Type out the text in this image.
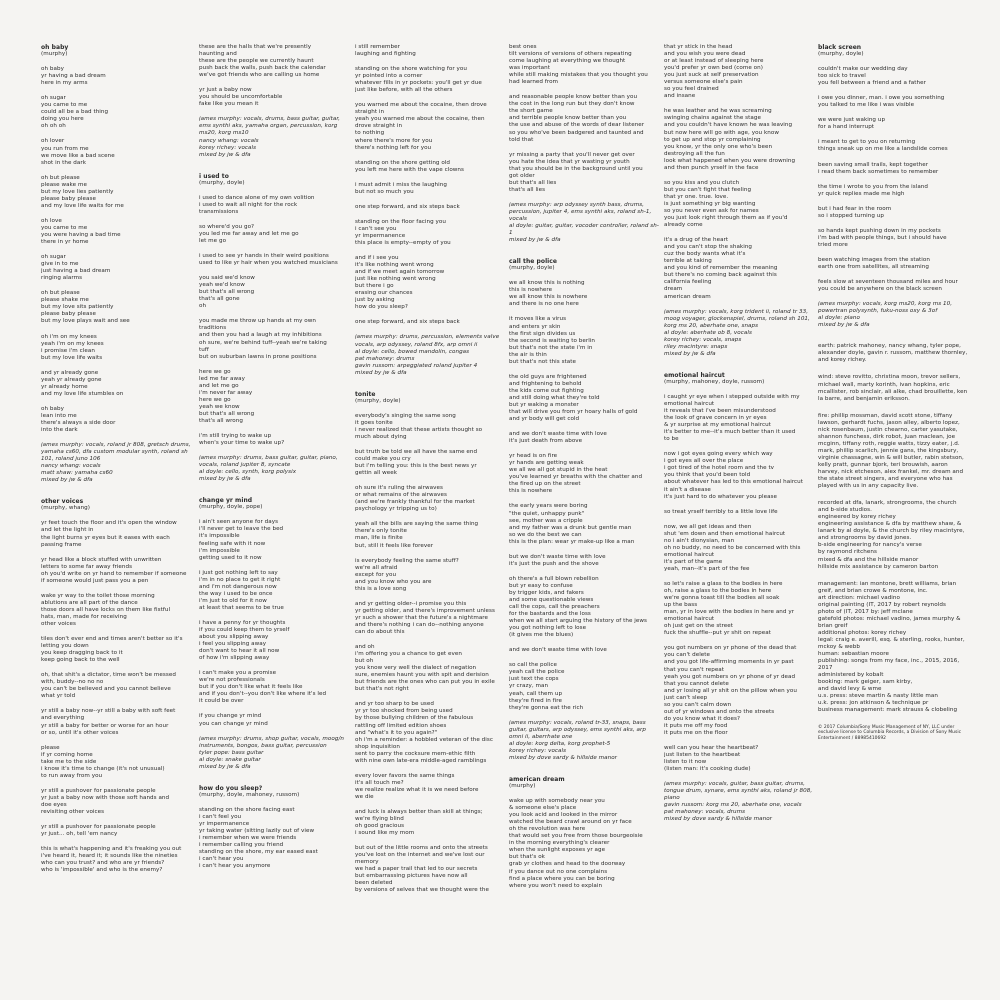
oh baby
(murphy)
oh baby
yr having a bad dream
here in my arms
oh sugar
you came to me
could all be a bad thing
doing you here
oh oh oh
oh lover
you run from me
we move like a bad scene
shot in the dark
oh but please
please wake me
but my love lies patiently
please baby please
and my love life waits for me
oh love
you came to me
you were having a bad time
there in yr home
oh sugar
give in to me
just having a bad dream
ringing alarms
oh but please
please shake me
but my love sits patiently
please baby please
but my love plays wait and see
oh i'm on my knees
yeah i'm on my knees
i promise i'm clean
but my love life waits
and yr already gone
yeah yr already gone
yr already home
and my love life stumbles on
oh baby
lean into me
there's always a side door
into the dark
james murphy: vocals, roland jr 808, gretsch drums, yamaha cs60, dfa custom modular synth, roland sh 101, roland juno 106
nancy whang: vocals
matt shaw: yamaha cs60
mixed by jw & dfa
other voices
(murphy, whang)
yr feet touch the floor and it's open the window
and let the light in
the light burns yr eyes but it eases with each
passing frame
yr head like a block stuffed with unwritten
letters to some far away friends
oh you'd write on yr hand to remember if someone
if someone would just pass you a pen
wake yr way to the toilet those morning
ablutions are all part of the dance
those doors all have locks on them like fistful
hats, man, made for receiving
other voices
tiles don't ever end and times aren't better so it's
letting you down
you keep dragging back to it
keep going back to the well
oh, that shit's a dictator, time won't be messed
with, buddy--no no no
you can't be believed and you cannot believe
what yr told
yr still a baby now--yr still a baby with soft feet
and everything
yr still a baby for better or worse for an hour
or so, until it's other voices
please
if yr coming home
take me to the side
i know it's time to change (it's not unusual)
to run away from you
yr still a pushover for passionate people
yr just a baby now with those soft hands and
doe eyes
revisiting other voices
yr still a pushover for passionate people
yr just... oh, tell 'em nancy
this is what's happening and it's freaking you out
i've heard it, heard it; it sounds like the nineties
who can you trust? and who are yr friends?
who is 'impossible' and who is the enemy?
these are the halls that we're presently
haunting and
these are the people we currently haunt
push back the walls, push back the calendar
we've got friends who are calling us home
yr just a baby now
you should be uncomfortable
fake like you mean it
james murphy: vocals, drums, bass guitar, guitar, ems synthi aks, yamaha organ, percussion, korg ms20, korg ms10
nancy whang: vocals
korey richey: vocals
mixed by jw & dfa
i used to
(murphy, doyle)
i used to dance alone of my own volition
i used to wait all night for the rock
transmissions
so where'd you go?
you led me far away and let me go
let me go
i used to see yr hands in their weird positions
used to like yr hair when you watched musicians
you said we'd know
yeah we'd know
but that's all wrong
that's all gone
oh
you made me throw up hands at my own
traditions
and then you had a laugh at my inhibitions
oh sure, we're behind tuff--yeah we're taking
tuff
but on suburban lawns in prone positions
here we go
led me far away
and let me go
i'm never far away
here we go
yeah we know
but that's all wrong
that's all wrong
i'm still trying to wake up
when's your time to wake up?
james murphy: drums, bass guitar, guitar, piano, vocals, roland jupiter 8, syncate
al doyle: cello, synth, korg polysix
mixed by jw & dfa
change yr mind
(murphy, doyle, pope)
i ain't seen anyone for days
i'll never get to leave the bed
it's impossible
feeling safe with it now
i'm impossible
getting used to it now
i just got nothing left to say
i'm in no place to get it right
and i'm not dangerous now
the way i used to be once
i'm just to old for it now
at least that seems to be true
i have a penny for yr thoughts
if you could keep them to yrself
about you slipping away
i feel you slipping away
don't want to hear it all now
of how i'm slipping away
i can't make you a promise
we're not professionals
but if you don't like what it feels like
and if you don't--you don't like where it's led
it could be over
if you change yr mind
you can change yr mind
james murphy: drums, shop guitar, vocals, moog/n instruments, bongos, bass guitar, percussion
tyler pope: bass guitar
al doyle: snake guitar
mixed by jw & dfa
how do you sleep?
(murphy, doyle, mahoney, russom)
standing on the shore facing east
i can't feel you
yr impermanence
yr taking water (sitting lazily out of view
i remember when we were friends
i remember calling you friend
standing on the shore, my ear eased east
i can't hear you
i can't hear you anymore
i still remember
laughing and fighting
standing on the shore watching for you
yr pointed into a corner
whatever fills in yr pockets: you'll get yr due
just like before, with all the others
you warned me about the cocaine, then drove
straight in
yeah you warned me about the cocaine, then
drove straight in
to nothing
where there's more for you
there's nothing left for you
standing on the shore getting old
you left me here with the vape clowns
i must admit i miss the laughing
but not so much you
one step forward, and six steps back
standing on the floor facing you
i can't see you
yr impermanence
this place is empty--empty of you
and if i see you
it's like nothing went wrong
and if we meet again tomorrow
just like nothing went wrong
but there i go
erasing our chances
just by asking
how do you sleep?
one step forward, and six steps back
james murphy: drums, percussion, elements valve vocals, arp odyssey, roland 8fx, arp omni ii
al doyle: cello, bowed mandolin, congas
pat mahoney: drums
gavin russom: arpeggiated roland jupiter 4
mixed by jw & dfa
tonite
(murphy, doyle)
everybody's singing the same song
it goes tonite
i never realized that these artists thought so
much about dying
but truth be told we all have the same end
could make you cry
but i'm telling you: this is the best news yr
gettin all week
oh sure it's ruling the airwaves
or what remains of the airwaves
(and we're frankly thankful for the market
psychology yr tripping us to)
yeah all the bills are saying the same thing
there's only tonite
man, life is finite
but, still it feels like forever
is everybody feeling the same stuff?
we're all afraid
except for you
and you know who you are
this is a love song
and yr getting older--i promise you this
yr getting older, and there's improvement unless
yr such a shower that the future's a nightmare
and there's nothing i can do--nothing anyone
can do about this
and oh
i'm offering you a chance to get even
but oh
you know very well the dialect of negation
sure, enemies haunt you with spit and derision
but friends are the ones who can put you in exile
but that's not right
and yr too sharp to be used
yr yr too shocked from being used
by those bullying children of the fabulous
rattling off limited edition shoes
and "what's it to you again?"
oh i'm a reminder: a hobbled veteran of the disc
shop inquisition
sent to parry the cocksure mem-ethic filth
with nine own late-era middle-aged ramblings
every lover favors the same things
it's all touch me?
we realize realize what it is we need before
we die
and luck is always better than skill at things;
we're flying blind
oh good gracious
i sound like my mom
but out of the little rooms and onto the streets
you've lost on the internet and we've lost our memory
we had a paper trail that led to our secrets
but embarrassing pictures have now all
been deleted
by versions of selves that we thought were the
best ones
tilt versions of versions of others repeating
come laughing at everything we thought
was important
while still making mistakes that you thought you
had learned from
and reasonable people know better than you
the cost in the long run but they don't know
the short game
and terrible people know better than you
the use and abuse of the words of dear listener
so you who've been badgered and taunted and
told that
yr missing a party that you'll never get over
you hate the idea that yr wasting yr youth
that you should be in the background until you
got older
but that's all lies
that's all lies
james murphy: arp odyssey synth bass, drums, percussion, jupiter 4, ems synthi aks, roland sh-1, vocals
al doyle: guitar, guitar, vocoder controller, roland sh-1
mixed by jw & dfa
call the police
(murphy, doyle)
we all know this is nothing
this is nowhere
we all know this is nowhere
and there is no one here
it moves like a virus
and enters yr skin
the first sign divides us
the second is waiting to berlin
but that's not the state i'm in
the air is thin
but that's not this state
the old guys are frightened
and frightening to behold
the kids come out fighting
and still doing what they're told
but yr waking a monster
that will drive you from yr hoary halls of gold
and yr body will get cold
and we don't waste time with love
it's just death from above
yr head is on fire
yr hands are getting weak
we all we all got stupid in the heat
you've learned yr breaths with the chatter and
the fired up on the street
this is nowhere
the early years were boring
"the quiet, unhappy punk"
see, mother was a cripple
and my father was a drunk but gentle man
so we do the best we can
this is the plan: wear yr make-up like a man
but we don't waste time with love
it's just the push and the shove
oh there's a full blown rebellion
but yr easy to confuse
by trigger kids, and fakers
and some questionable views
call the cops, call the preachers
for the bastards and the loss
when we all start arguing the history of the jews
you got nothing left to lose
(it gives me the blues)
and we don't waste time with love
so call the police
yeah call the police
just text the cops
yr crazy, man
yeah, call them up
they're fired in fire
they're gonna eat the rich
james murphy: vocals, roland tr-33, snaps, bass guitar, guitars, arp odyssey, ems synthi aks, arp omni ii, aberrhate one
al doyle: korg delta, korg prophet-5
korey richey: vocals
mixed by dove sardy & hillside manor
american dream
(murphy)
wake up with somebody near you
& someone else's place
you look acid and looked in the mirror
watched the beard crawl around on yr face
oh the revolution was here
that would set you free from those bourgeoisie
in the morning everything's clearer
when the sunlight exposes yr age
but that's ok
grab yr clothes and head to the doorway
if you dance out no one complains
find a place where you can be boring
where you won't need to explain
that yr stick in the head
and you wish you were dead
or at least instead of sleeping here
you'd prefer yr own bed (come on)
you just suck at self preservation
versus someone else's pain
so you feel drained
and insane
he was leather and he was screaming
swinging chains against the stage
and you couldn't have known he was leaving
but now here will go with age, you know
to get up and stop yr complaining
you know, yr the only one who's been
destroying all the fun
look what happened when you were drowning
and then punch yrself in the face
so you kiss and you clutch
but you can't fight that feeling
that yr one. true. love.
is just something yr big wanting
so you never even ask for names
you just look right through them as if you'd
already come
it's a drug of the heart
and you can't stop the shaking
cuz the body wants what it's
terrible at taking
and you kind of remember the meaning
but there's no coming back against this
california feeling
dream
american dream
james murphy: vocals, korg trident ii, roland tr 33, moog voyager, glockenspiel, drums, roland sh 101, korg ms 20, aberhate one, snaps
al doyle: aberhate ob 8, vocals
korey richey: vocals, snaps
riley macintyre: snaps
mixed by jw & dfa
emotional haircut
(murphy, mahoney, doyle, russom)
i caught yr eye when i stepped outside with my
emotional haircut
it reveals that i've been misunderstood
the look of grave concern in yr eyes
& yr surprise at my emotional haircut
it's better to me--it's much better than it used
to be
now i got eyes going every which way
i got eyes all over the place
i got tired of the hotel room and the tv
you think that you'd been told
about whatever has led to this emotional haircut
it ain't a disease
it's just hard to do whatever you please
so treat yrself terribly to a little love life
now, we all get ideas and then
shut 'em down and then emotional haircut
no i ain't dionysian, man
oh no buddy, no need to be concerned with this
emotional haircut
it's part of the game
yeah, man--it's part of the fee
so let's raise a glass to the bodies in here
oh, raise a glass to the bodies in here
we're gonna toast till the bodies all soak
up the bass
man, yr in love with the bodies in here and yr
emotional haircut
oh just get on the street
fuck the shuffle--put yr shit on repeat
you got numbers on yr phone of the dead that
you can't delete
and you got life-affirming moments in yr past
that you can't repeat
yeah you got numbers on yr phone of yr dead
that you cannot delete
and yr losing all yr shit on the pillow when you
just can't sleep
so you can't calm down
out of yr windows and onto the streets
do you know what it does?
it puts me off my food
it puts me on the floor
well can you hear the heartbeat?
just listen to the heartbeat
listen to it now
(listen man: it's cooking dude)
james murphy: vocals, guitar, bass guitar, drums, tongue drum, synare, ems synthi aks, roland jr 808, piano
gavin russom: korg ms 20, aberhate one, vocals
pat mahoney: vocals, drums
mixed by dove sardy & hillside manor
black screen
(murphy, doyle)
couldn't make our wedding day
too sick to travel
you fell between a friend and a father
i owe you dinner, man. i owe you something
you talked to me like i was visible
we were just waking up
for a hand interrupt
i meant to get to you on returning
things sneak up on me like a landslide comes
been saving small trails, kept together
i read them back sometimes to remember
the time i wrote to you from the island
yr quick replies made me high
but i had fear in the room
so i stopped turning up
so hands kept pushing down in my pockets
i'm bad with people things, but i should have
tried more
been watching images from the station
earth one from satellites, all streaming
feels slow at seventeen thousand miles and hour
you could be anywhere on the black screen
james murphy: vocals, korg ms20, korg ms 10, powertran polysynth, fuku-noss oxy & 3of
al doyle: piano
mixed by jw & dfa
earth: patrick mahoney, nancy whang, tyler pope, alexander doyle, gavin r. russom, matthew thornley, and korey richey.
wind: steve rovitto, christina moon, trevor sellers, michael wall, marty korinth, ivan hopkins, eric mcallister, rob sinclair, ali alke, chad brouillette, ken la barre, and benjamin eriksson.
fire: phillip mossman, david scott stone, tiffany lawson, gerhardt fuchs, jason alley, alberto lopez, nick rosenbaum, justin chearno, carter yasutake, shannon funchess, dirk robot, juan maclean, joe mcginn, tiffany roth, reggie watts, tizzy eater, j.d. mark, phillip scarlich, jennie gans, the kingsbury, virginie chassagne, win & will butler, rabin stetson, kelly pratt, gunnar bjork, teri brouwish, aaron harvey, nick etcheson, alex frankel, mr. dream and the state street singers, and everyone who has played with us in any capacity live.
recorded at dfa, lanark, strongrooms, the church and b-side studios.
engineered by korey richey
engineering assistance & dfa by matthew shaw, & lanark by al doyle, & the church by riley macintyre, and strongrooms by david jones.
b-side engineering for nancy's verse
by raymond ritchens
mixed & dfa and the hillside manor
hillside mix assistance by cameron barton
management: ian montone, brett williams, brian greif, and brian crowe & montone, inc.
art direction: michael vadino
original painting (IT, 2017 by robert reynolds
photo of (IT, 2017 by: jeff mclane
gatefold photos: michael vadino, james murphy & brian greif
additional photos: korey richey
legal: craig e. averill, esq. & sterling, rooks, hunter, mckoy & webb
human: sebastian moore
publishing: songs from my face, inc., 2015, 2016, 2017
administered by kobalt
booking: mark geiger, sam kirby,
and david levy & wme
u.s. press: steve martin & nasty little man
u.k. press: jon atkinson & technique pr
business management: mark strauss & clobeling
© 2017 Columbia/Sony Music Management of NY, LLC under exclusive license to Columbia Records, a Division of Sony Music Entertainment / 88985410692
